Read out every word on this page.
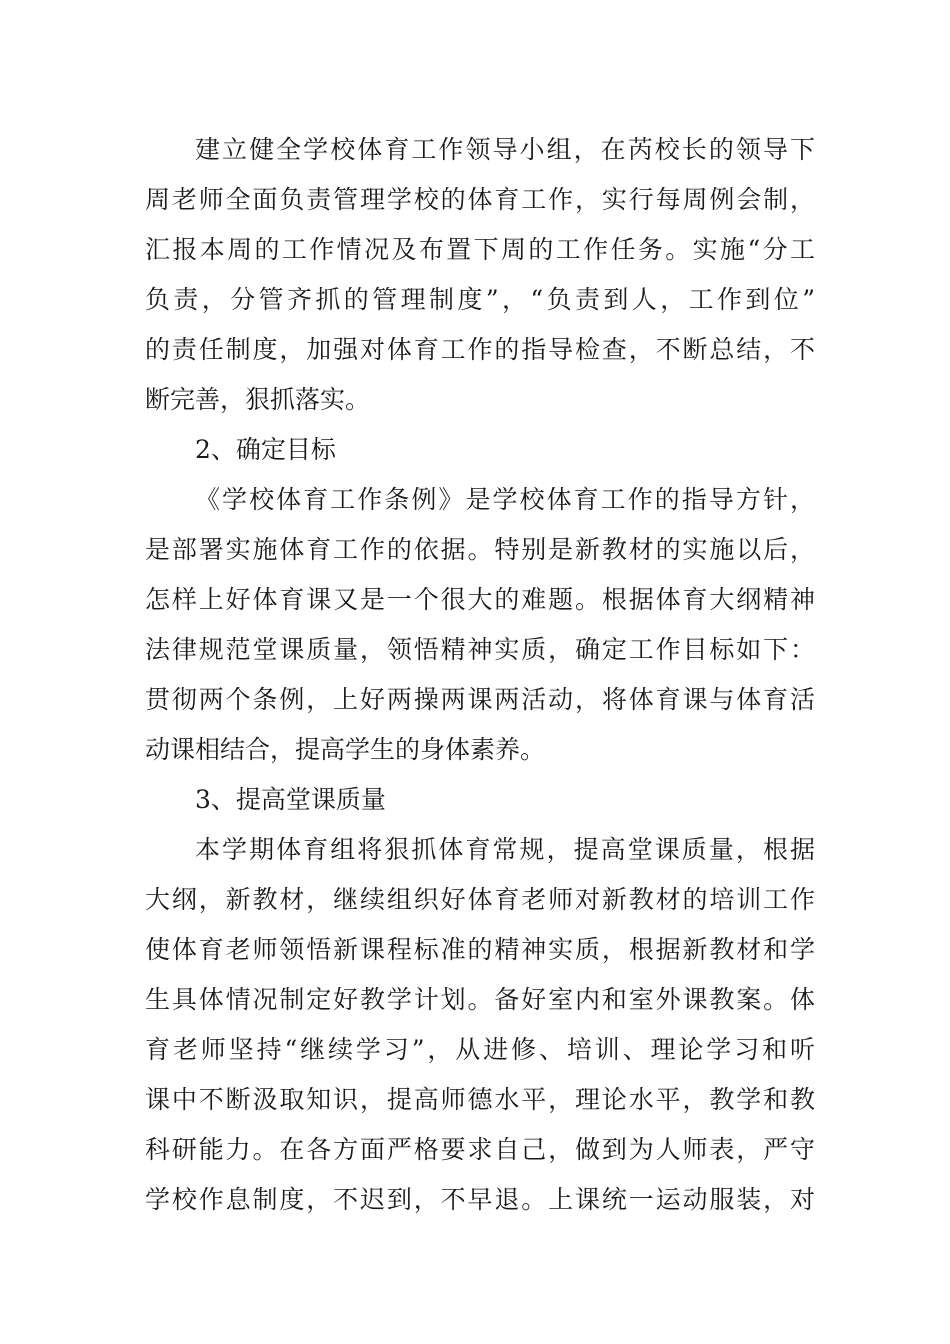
建立健全学校体育工作领导小组，在芮校长的领导下
周老师全面负责管理学校的体育工作，实行每周例会制，
汇报本周的工作情况及布置下周的工作任务。实施“分工
负责，分管齐抓的管理制度”，“负责到人，工作到位”
的责任制度，加强对体育工作的指导检查，不断总结，不
断完善，狠抓落实。
2、确定目标
《学校体育工作条例》是学校体育工作的指导方针，
是部署实施体育工作的依据。特别是新教材的实施以后，
怎样上好体育课又是一个很大的难题。根据体育大纲精神
法律规范堂课质量，领悟精神实质，确定工作目标如下：
贯彻两个条例，上好两操两课两活动，将体育课与体育活
动课相结合，提高学生的身体素养。
3、提高堂课质量
本学期体育组将狠抓体育常规，提高堂课质量，根据
大纲，新教材，继续组织好体育老师对新教材的培训工作
使体育老师领悟新课程标准的精神实质，根据新教材和学
生具体情况制定好教学计划。备好室内和室外课教案。体
育老师坚持“继续学习”，从进修、培训、理论学习和听
课中不断汲取知识，提高师德水平，理论水平，教学和教
科研能力。在各方面严格要求自己，做到为人师表，严守
学校作息制度，不迟到，不早退。上课统一运动服装，对
